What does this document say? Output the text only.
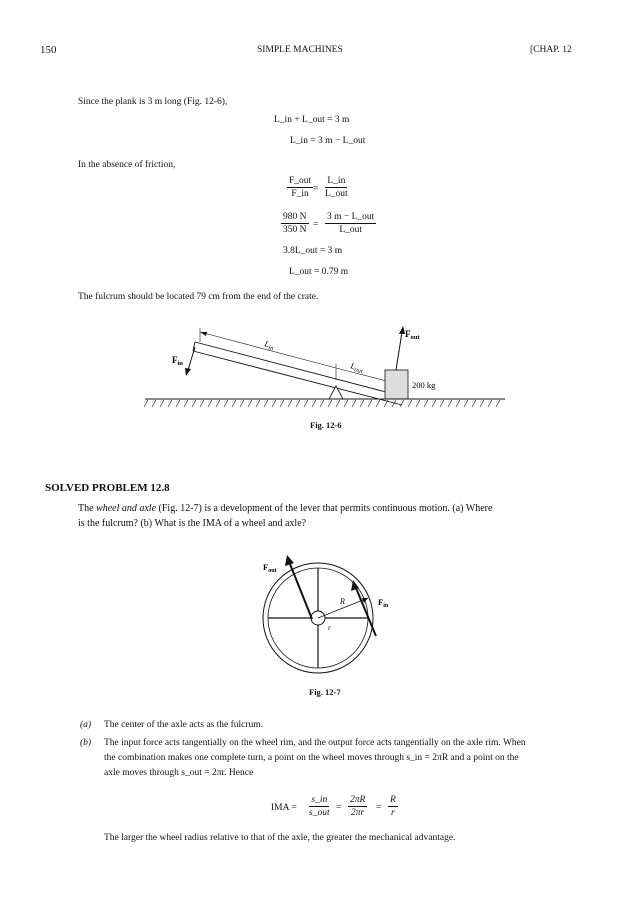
150	SIMPLE MACHINES	[CHAP. 12
Since the plank is 3 m long (Fig. 12-6),
L_in + L_out = 3 m
L_in = 3 m − L_out
In the absence of friction,
F_out
F_in =
L_in
L_out
$\frac{980 N}{350 N}$ =
3 m − L_out
L_out
3.8L_out = 3 m
L_out = 0.79 m
The fulcrum should be located 79 cm from the end of the crate.
$F_{in}$
$L_{in}$
$L_{out}$
$F_{out}$
200 kg
Fig. 12-6
SOLVED PROBLEM 12.8
The wheel and axle (Fig. 12-7) is a development of the lever that permits continuous motion. (a) Where
is the fulcrum? (b) What is the IMA of a wheel and axle?
$F_{out}$
$F_{in}$
R
r
Fig. 12-7
(a) The center of the axle acts as the fulcrum.
(b) The input force acts tangentially on the wheel rim, and the output force acts tangentially on the axle rim. When
the combination makes one complete turn, a point on the wheel moves through s_in = 2πR and a point on the
axle moves through s_out = 2πr. Hence
IMA =
s_in
s_out = $\frac{2\pi R}{2\pi r} = \frac{R}{r}$
The larger the wheel radius relative to that of the axle, the greater the mechanical advantage.
